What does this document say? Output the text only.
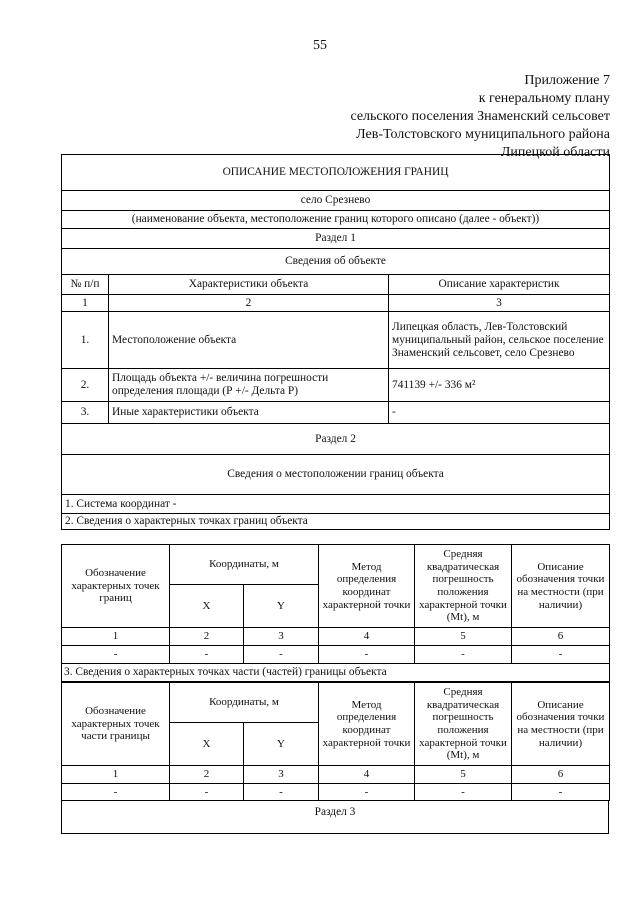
55
Приложение 7
к генеральному плану
сельского поселения Знаменский сельсовет
Лев-Толстовского муниципального района
Липецкой области
ОПИСАНИЕ МЕСТОПОЛОЖЕНИЯ ГРАНИЦ		
село Срезнево		
(наименование объекта, местоположение границ которого описано (далее - объект))		
Раздел 1		
Сведения об объекте		
№ п/п	Характеристики объекта	Описание характеристик
1	2	3
1.	Местоположение объекта	Липецкая область, Лев-Толстовский муниципальный район, сельское поселение Знаменский сельсовет, село Срезнево
2.	Площадь объекта +/- величина погрешности определения площади (Р +/- Дельта Р)	741139 +/- 336 м²
3.	Иные характеристики объекта	-
Раздел 2		
Сведения о местоположении границ объекта		
1. Система координат -		
2. Сведения о характерных точках границ объекта		
Обозначение характерных точек границ	Координаты, м		Метод определения координат характерной точки	Средняя квадратическая погрешность положения характерной точки (Mt), м	Описание обозначения точки на местности (при наличии)
	X	Y			
1	2	3	4	5	6
-	-	-	-	-	-
3. Сведения о характерных точках части (частей) границы объекта					
Обозначение характерных точек части границы	Координаты, м		Метод определения координат характерной точки	Средняя квадратическая погрешность положения характерной точки (Mt), м	Описание обозначения точки на местности (при наличии)
	X	Y			
1	2	3	4	5	6
-	-	-	-	-	-
Раздел 3
